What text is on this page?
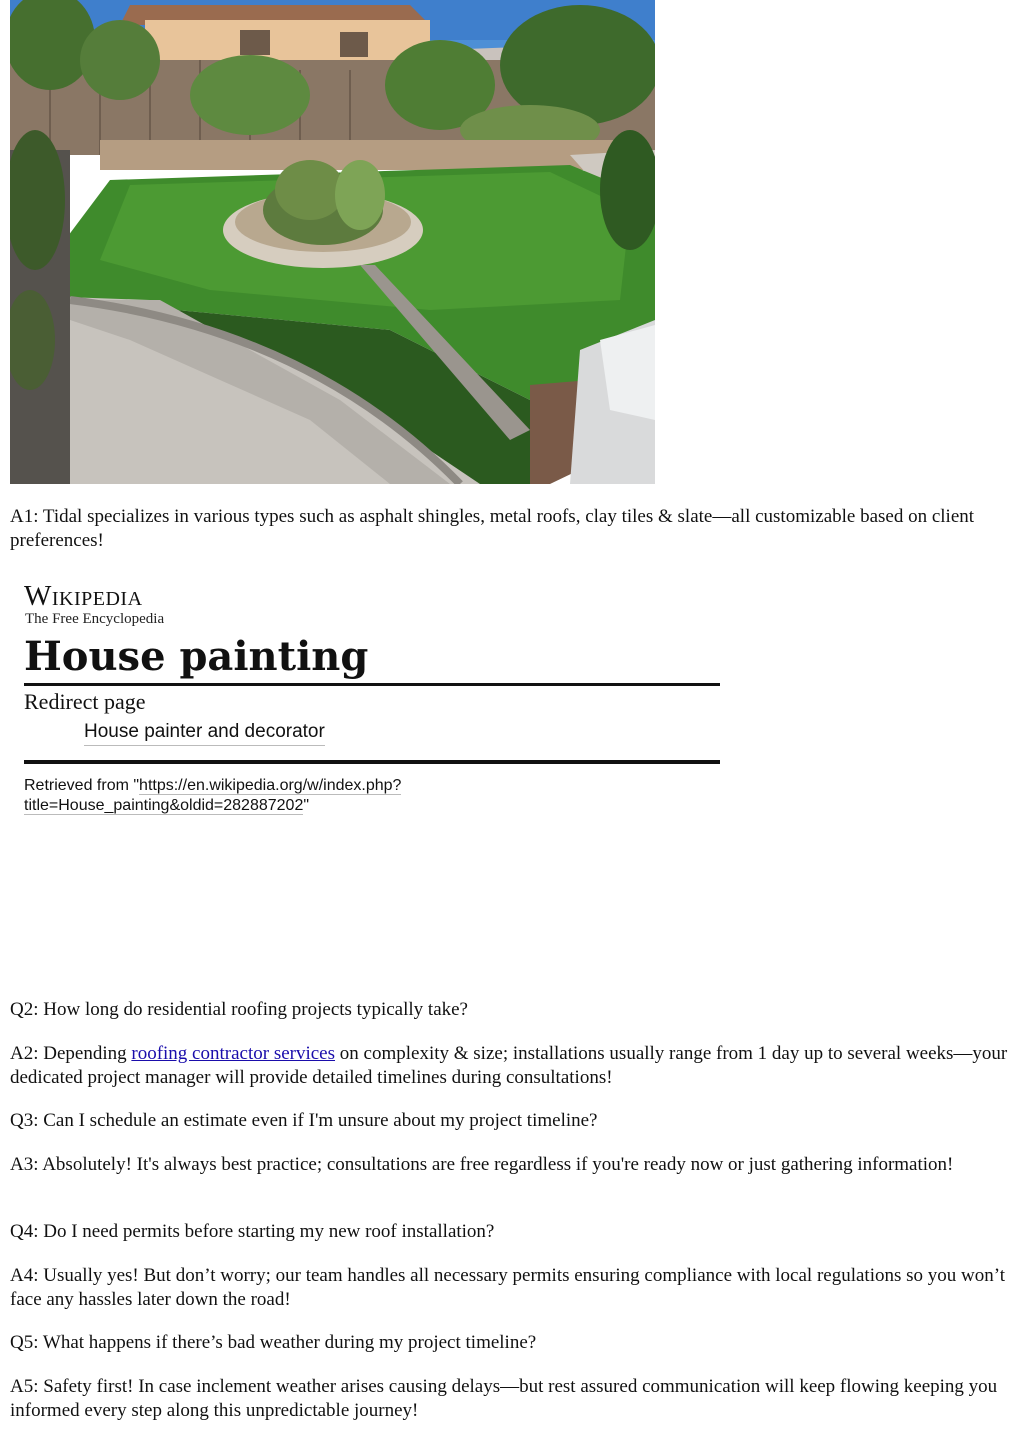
A1: Tidal specializes in various types such as asphalt shingles, metal roofs, clay tiles & slate—all customizable based on client preferences!

Wikipedia
The Free Encyclopedia
House painting
Redirect page
House painter and decorator
Retrieved from "https://en.wikipedia.org/w/index.php?title=House_painting&oldid=282887202"

Q2: How long do residential roofing projects typically take?

A2: Depending roofing contractor services on complexity & size; installations usually range from 1 day up to several weeks—your dedicated project manager will provide detailed timelines during consultations!

Q3: Can I schedule an estimate even if I'm unsure about my project timeline?

A3: Absolutely! It's always best practice; consultations are free regardless if you're ready now or just gathering information!

Q4: Do I need permits before starting my new roof installation?

A4: Usually yes! But don’t worry; our team handles all necessary permits ensuring compliance with local regulations so you won’t face any hassles later down the road!

Q5: What happens if there’s bad weather during my project timeline?

A5: Safety first! In case inclement weather arises causing delays—but rest assured communication will keep flowing keeping you informed every step along this unpredictable journey!
